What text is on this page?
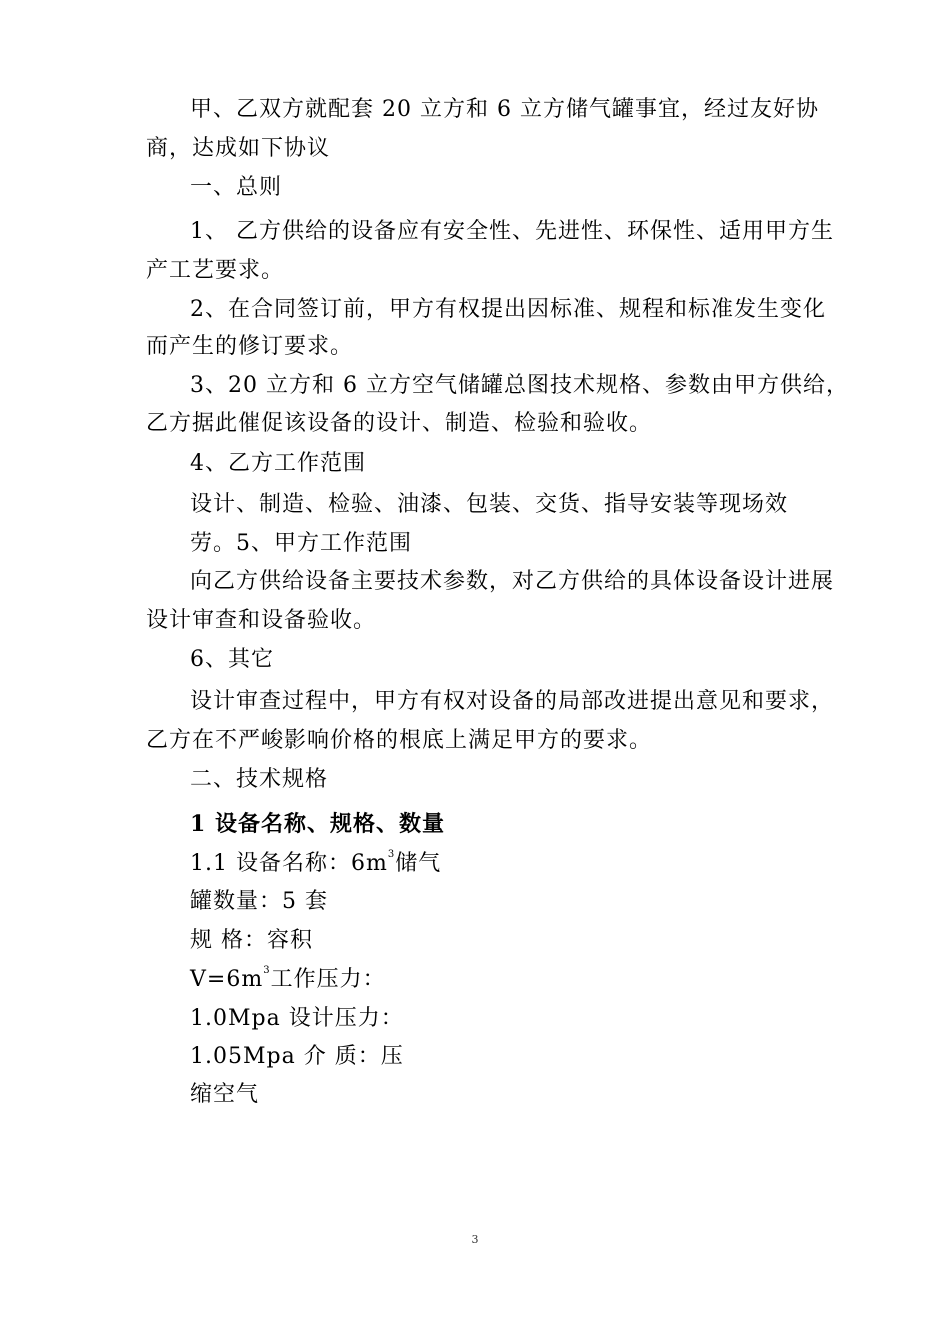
甲、乙双方就配套 20 立方和 6 立方储气罐事宜，经过友好协
商，达成如下协议
一、总则
1、 乙方供给的设备应有安全性、先进性、环保性、适用甲方生
产工艺要求。
2、在合同签订前，甲方有权提出因标准、规程和标准发生变化
而产生的修订要求。
3、20 立方和 6 立方空气储罐总图技术规格、参数由甲方供给，
乙方据此催促该设备的设计、制造、检验和验收。
4、乙方工作范围
设计、制造、检验、油漆、包装、交货、指导安装等现场效
劳。5、甲方工作范围
向乙方供给设备主要技术参数，对乙方供给的具体设备设计进展
设计审查和设备验收。
6、其它
设计审查过程中，甲方有权对设备的局部改进提出意见和要求，
乙方在不严峻影响价格的根底上满足甲方的要求。
二、技术规格
1 设备名称、规格、数量
1.1 设备名称：$6m^3$储气
罐数量：5 套
规 格：容积
$V=6m^3$工作压力：
1.0Mpa 设计压力：
1.05Mpa 介 质：压
缩空气
3
